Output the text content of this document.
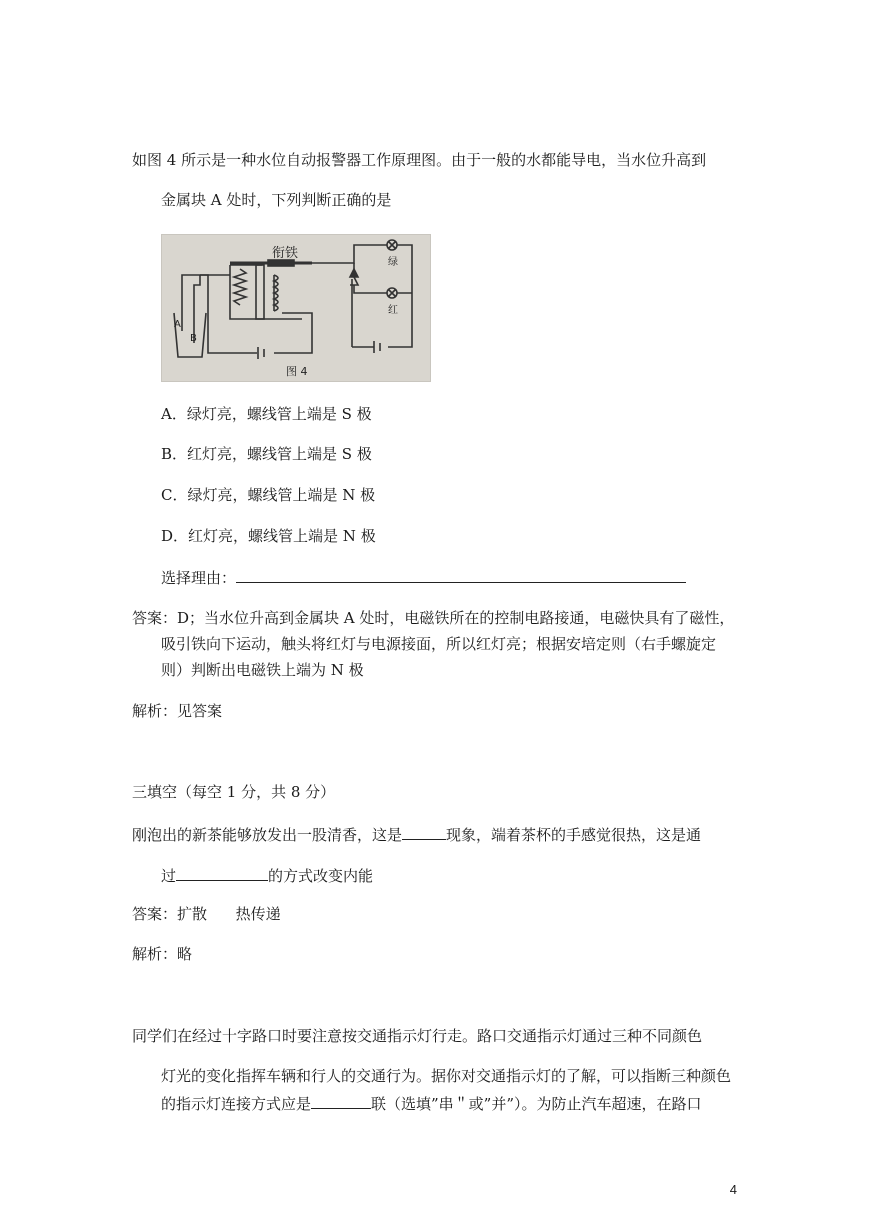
如图 4 所示是一种水位自动报警器工作原理图。由于一般的水都能导电，当水位升高到
金属块 A 处时，下列判断正确的是
衔铁
绿
红
A
B
图 4
A．绿灯亮，螺线管上端是 S 极
B．红灯亮，螺线管上端是 S 极
C．绿灯亮，螺线管上端是 N 极
D．红灯亮，螺线管上端是 N 极
选择理由：
答案：D；当水位升高到金属块 A 处时，电磁铁所在的控制电路接通，电磁快具有了磁性，
吸引铁向下运动，触头将红灯与电源接面，所以红灯亮；根据安培定则（右手螺旋定
则）判断出电磁铁上端为 N 极
解析：见答案
三填空（每空 1 分，共 8 分）
刚泡出的新茶能够放发出一股清香，这是	现象，端着茶杯的手感觉很热，这是通
过	的方式改变内能
答案：扩散      热传递
解析：略
同学们在经过十字路口时要注意按交通指示灯行走。路口交通指示灯通过三种不同颜色
灯光的变化指挥车辆和行人的交通行为。据你对交通指示灯的了解，可以指断三种颜色
的指示灯连接方式应是	联（选填”串＂或”并”）。为防止汽车超速，在路口
4
